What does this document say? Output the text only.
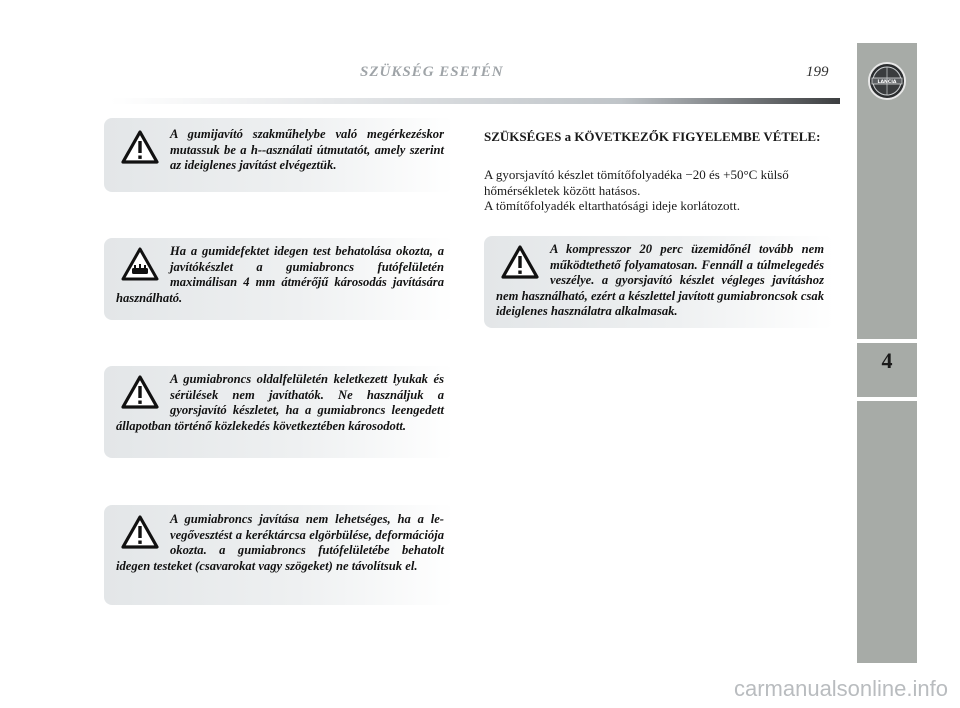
SZÜKSÉG ESETÉN	199
LANCIA
4

A gumijavító szakműhelybe való megérkezéskor mutassuk be a h--asználati útmutatót, amely szerint az ideiglenes javítást elvégeztük.

Ha a gumidefektet idegen test behatolása okozta, a javítókészlet a gumiabroncs futófelületén maximálisan 4 mm átmérőjű károsodás javítására használható.

A gumiabroncs oldalfelületén keletkezett lyukak és sérülések nem javíthatók. Ne használjuk a gyorsjavító készletet, ha a gumiabroncs leengedett állapotban történő közlekedés következtében károsodott.

A gumiabroncs javítása nem lehetséges, ha a levegővesztést a keréktárcsa elgörbülése, deformációja okozta. a gumiabroncs futófelületébe behatolt idegen testeket (csavarokat vagy szögeket) ne távolítsuk el.

SZÜKSÉGES a KÖVETKEZŐK FIGYELEMBE VÉTELE:
A gyorsjavító készlet tömítőfolyadéka −20 és +50°C külső hőmérsékletek között hatásos.
A tömítőfolyadék eltarthatósági ideje korlátozott.

A kompresszor 20 perc üzemidőnél tovább nem működtethető folyamatosan. Fennáll a túlmelegedés veszélye. a gyorsjavító készlet végleges javításhoz nem használható, ezért a készlettel javított gumiabroncsok csak ideiglenes használatra alkalmasak.

carmanualsonline.info
